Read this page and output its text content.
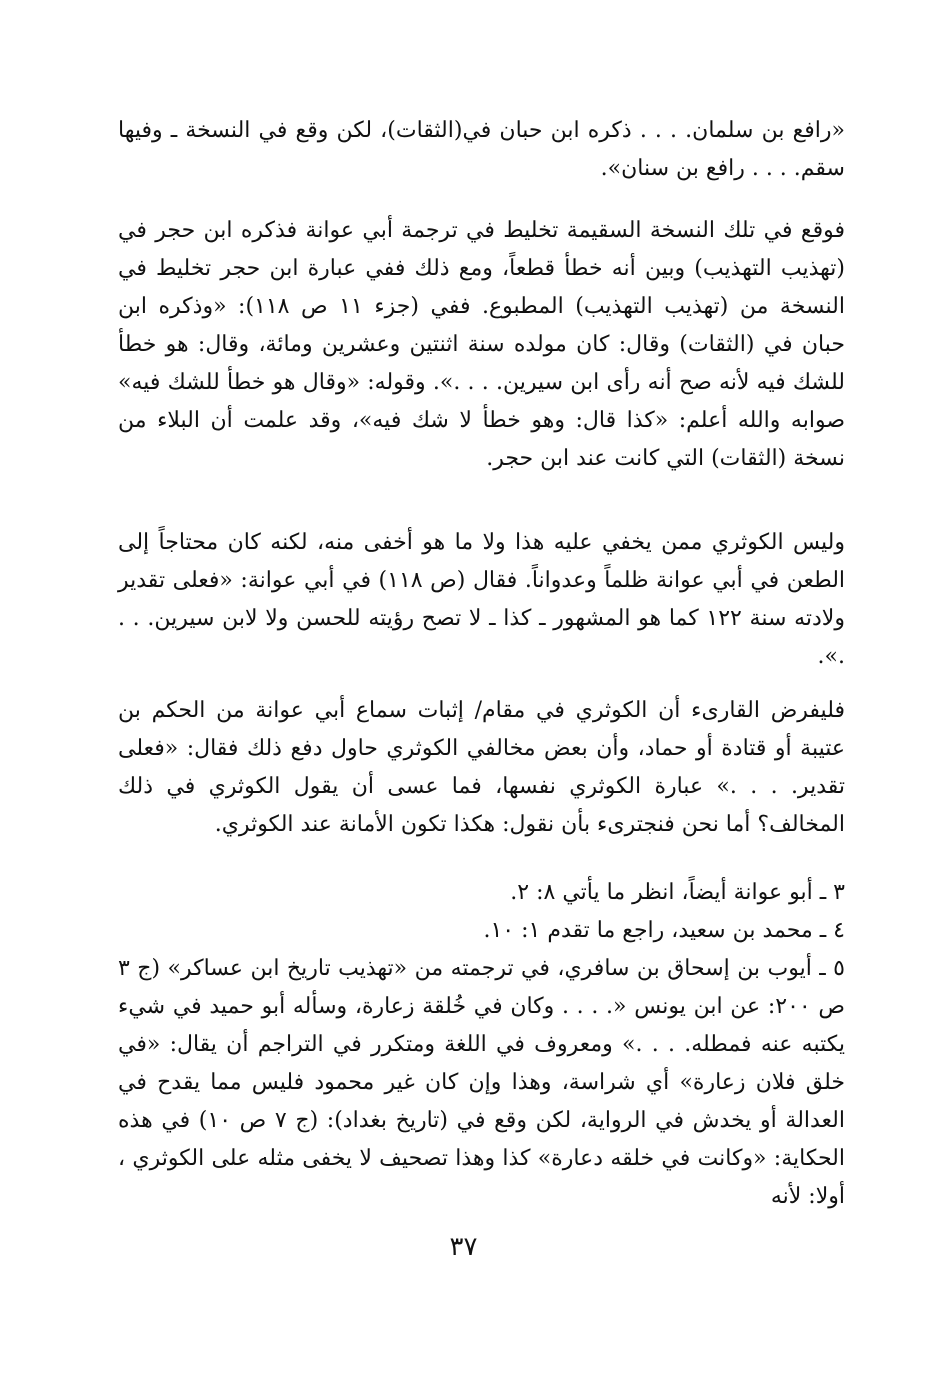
«رافع بن سلمان. . . . ذكره ابن حبان في(الثقات)، لكن وقع في النسخة ـ وفيها سقم. . . . رافع بن سنان».

فوقع في تلك النسخة السقيمة تخليط في ترجمة أبي عوانة فذكره ابن حجر في (تهذيب التهذيب) وبين أنه خطأ قطعاً، ومع ذلك ففي عبارة ابن حجر تخليط في النسخة من (تهذيب التهذيب) المطبوع. ففي (جزء ١١ ص ١١٨): «وذكره ابن حبان في (الثقات) وقال: كان مولده سنة اثنتين وعشرين ومائة، وقال: هو خطأ للشك فيه لأنه صح أنه رأى ابن سيرين. . . .». وقوله: «وقال هو خطأ للشك فيه» صوابه والله أعلم: «كذا قال: وهو خطأ لا شك فيه»، وقد علمت أن البلاء من نسخة (الثقات) التي كانت عند ابن حجر.

وليس الكوثري ممن يخفي عليه هذا ولا ما هو أخفى منه، لكنه كان محتاجاً إلى الطعن في أبي عوانة ظلماً وعدواناً. فقال (ص ١١٨) في أبي عوانة: «فعلى تقدير ولادته سنة ١٢٢ كما هو المشهور ـ كذا ـ لا تصح رؤيته للحسن ولا لابن سيرين. . . .».

فليفرض القارىء أن الكوثري في مقام/ إثبات سماع أبي عوانة من الحكم بن عتيبة أو قتادة أو حماد، وأن بعض مخالفي الكوثري حاول دفع ذلك فقال: «فعلى تقدير. . . .» عبارة الكوثري نفسها، فما عسى أن يقول الكوثري في ذلك المخالف؟ أما نحن فنجترىء بأن نقول: هكذا تكون الأمانة عند الكوثري.

٣ ـ أبو عوانة أيضاً، انظر ما يأتي ٨: ٢.
٤ ـ محمد بن سعيد، راجع ما تقدم ١: ١٠.
٥ ـ أيوب بن إسحاق بن سافري، في ترجمته من «تهذيب تاريخ ابن عساكر» (ج ٣ ص ٢٠٠: عن ابن يونس «. . . . وكان في خُلقة زعارة، وسأله أبو حميد في شيء يكتبه عنه فمطله. . . .» ومعروف في اللغة ومتكرر في التراجم أن يقال: «في خلق فلان زعارة» أي شراسة، وهذا وإن كان غير محمود فليس مما يقدح في العدالة أو يخدش في الرواية، لكن وقع في (تاريخ بغداد): (ج ٧ ص ١٠) في هذه الحكاية: «وكانت في خلقه دعارة» كذا وهذا تصحيف لا يخفى مثله على الكوثري ، أولا: لأنه
٣٧
